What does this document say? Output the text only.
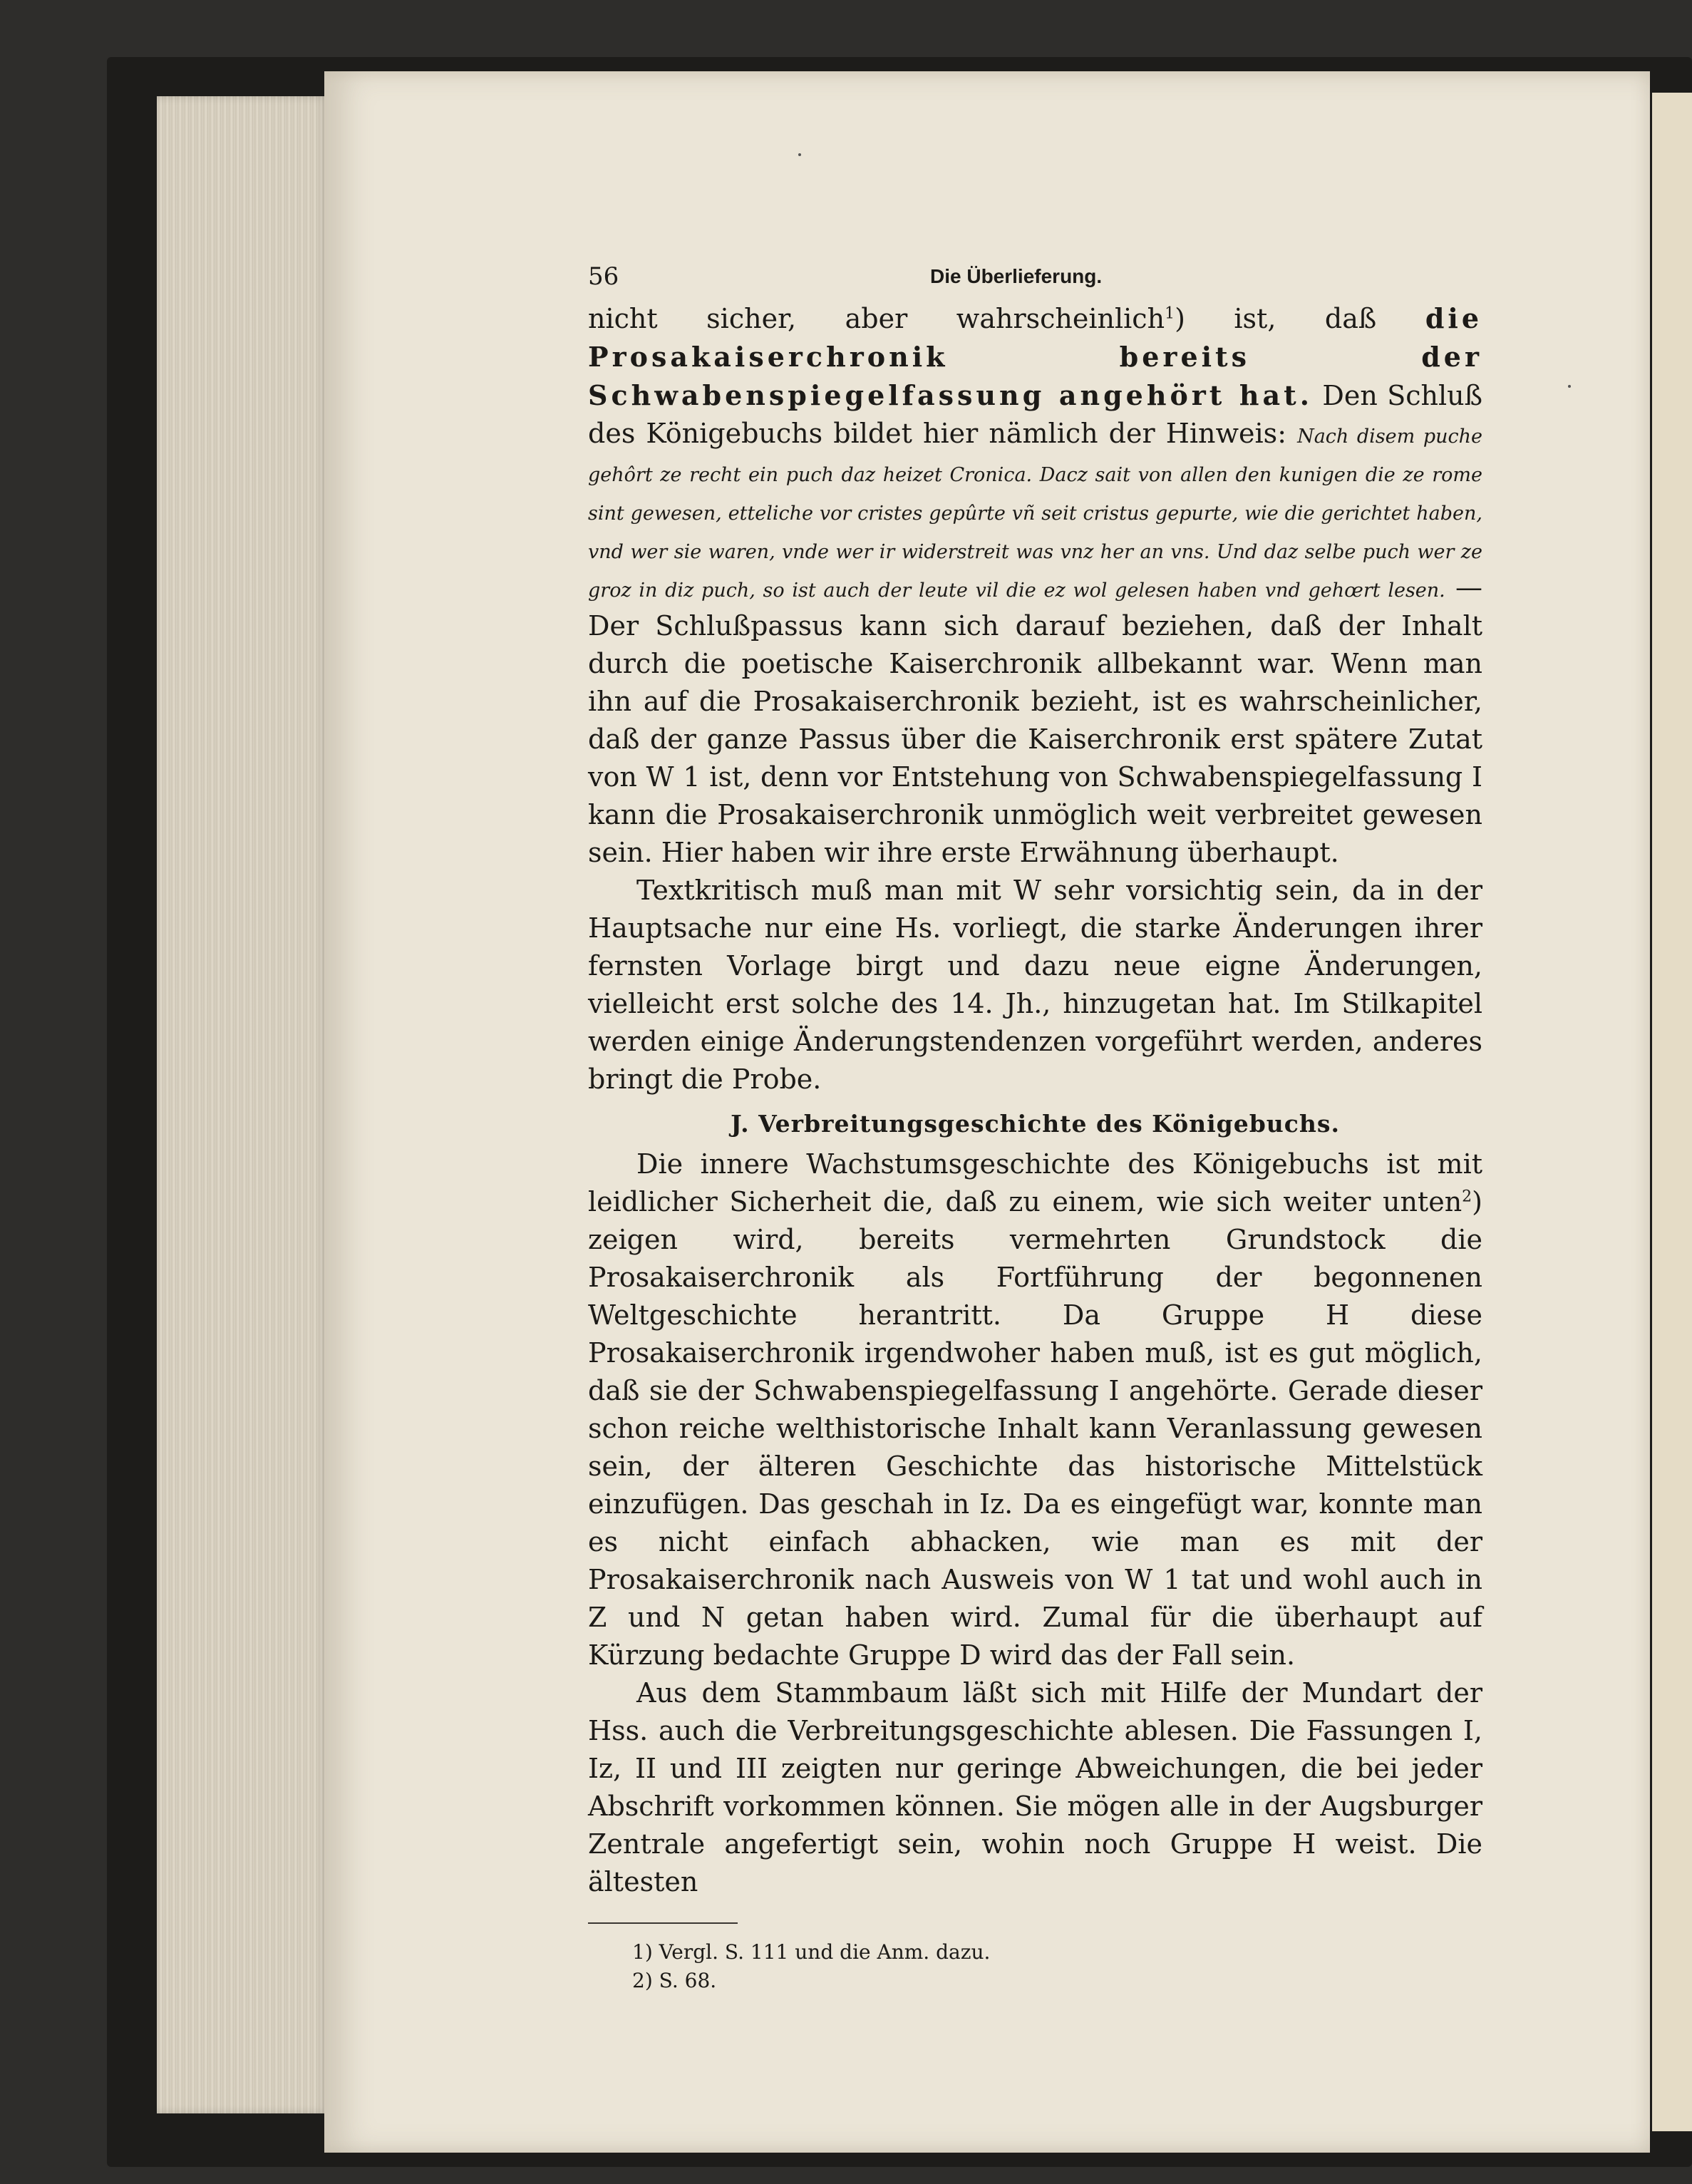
56	Die Überlieferung.

nicht sicher, aber wahrscheinlich$^1$) ist, daß die Prosakaiserchronik bereits der Schwabenspiegelfassung angehört hat. Den Schluß des Königebuchs bildet hier nämlich der Hinweis: Nach disem puche gehôrt ze recht ein puch daz heizet Cronica. Dacz sait von allen den kunigen die ze rome sint gewesen, etteliche vor cristes gepûrte vñ seit cristus gepurte, wie die gerichtet haben, vnd wer sie waren, vnde wer ir widerstreit was vnz her an vns. Und daz selbe puch wer ze groz in diz puch, so ist auch der leute vil die ez wol gelesen haben vnd gehœrt lesen. — Der Schlußpassus kann sich darauf beziehen, daß der Inhalt durch die poetische Kaiserchronik allbekannt war. Wenn man ihn auf die Prosakaiserchronik bezieht, ist es wahrscheinlicher, daß der ganze Passus über die Kaiserchronik erst spätere Zutat von W 1 ist, denn vor Entstehung von Schwabenspiegelfassung I kann die Prosakaiserchronik unmöglich weit verbreitet gewesen sein. Hier haben wir ihre erste Erwähnung überhaupt.

Textkritisch muß man mit W sehr vorsichtig sein, da in der Hauptsache nur eine Hs. vorliegt, die starke Änderungen ihrer fernsten Vorlage birgt und dazu neue eigne Änderungen, vielleicht erst solche des 14. Jh., hinzugetan hat. Im Stilkapitel werden einige Änderungstendenzen vorgeführt werden, anderes bringt die Probe.

J. Verbreitungsgeschichte des Königebuchs.

Die innere Wachstumsgeschichte des Königebuchs ist mit leidlicher Sicherheit die, daß zu einem, wie sich weiter unten$^2$) zeigen wird, bereits vermehrten Grundstock die Prosakaiserchronik als Fortführung der begonnenen Weltgeschichte herantritt. Da Gruppe H diese Prosakaiserchronik irgendwoher haben muß, ist es gut möglich, daß sie der Schwabenspiegelfassung I angehörte. Gerade dieser schon reiche welthistorische Inhalt kann Veranlassung gewesen sein, der älteren Geschichte das historische Mittelstück einzufügen. Das geschah in Iz. Da es eingefügt war, konnte man es nicht einfach abhacken, wie man es mit der Prosakaiserchronik nach Ausweis von W 1 tat und wohl auch in Z und N getan haben wird. Zumal für die überhaupt auf Kürzung bedachte Gruppe D wird das der Fall sein.

Aus dem Stammbaum läßt sich mit Hilfe der Mundart der Hss. auch die Verbreitungsgeschichte ablesen. Die Fassungen I, Iz, II und III zeigten nur geringe Abweichungen, die bei jeder Abschrift vorkommen können. Sie mögen alle in der Augsburger Zentrale angefertigt sein, wohin noch Gruppe H weist. Die ältesten

1) Vergl. S. 111 und die Anm. dazu.
2) S. 68.
